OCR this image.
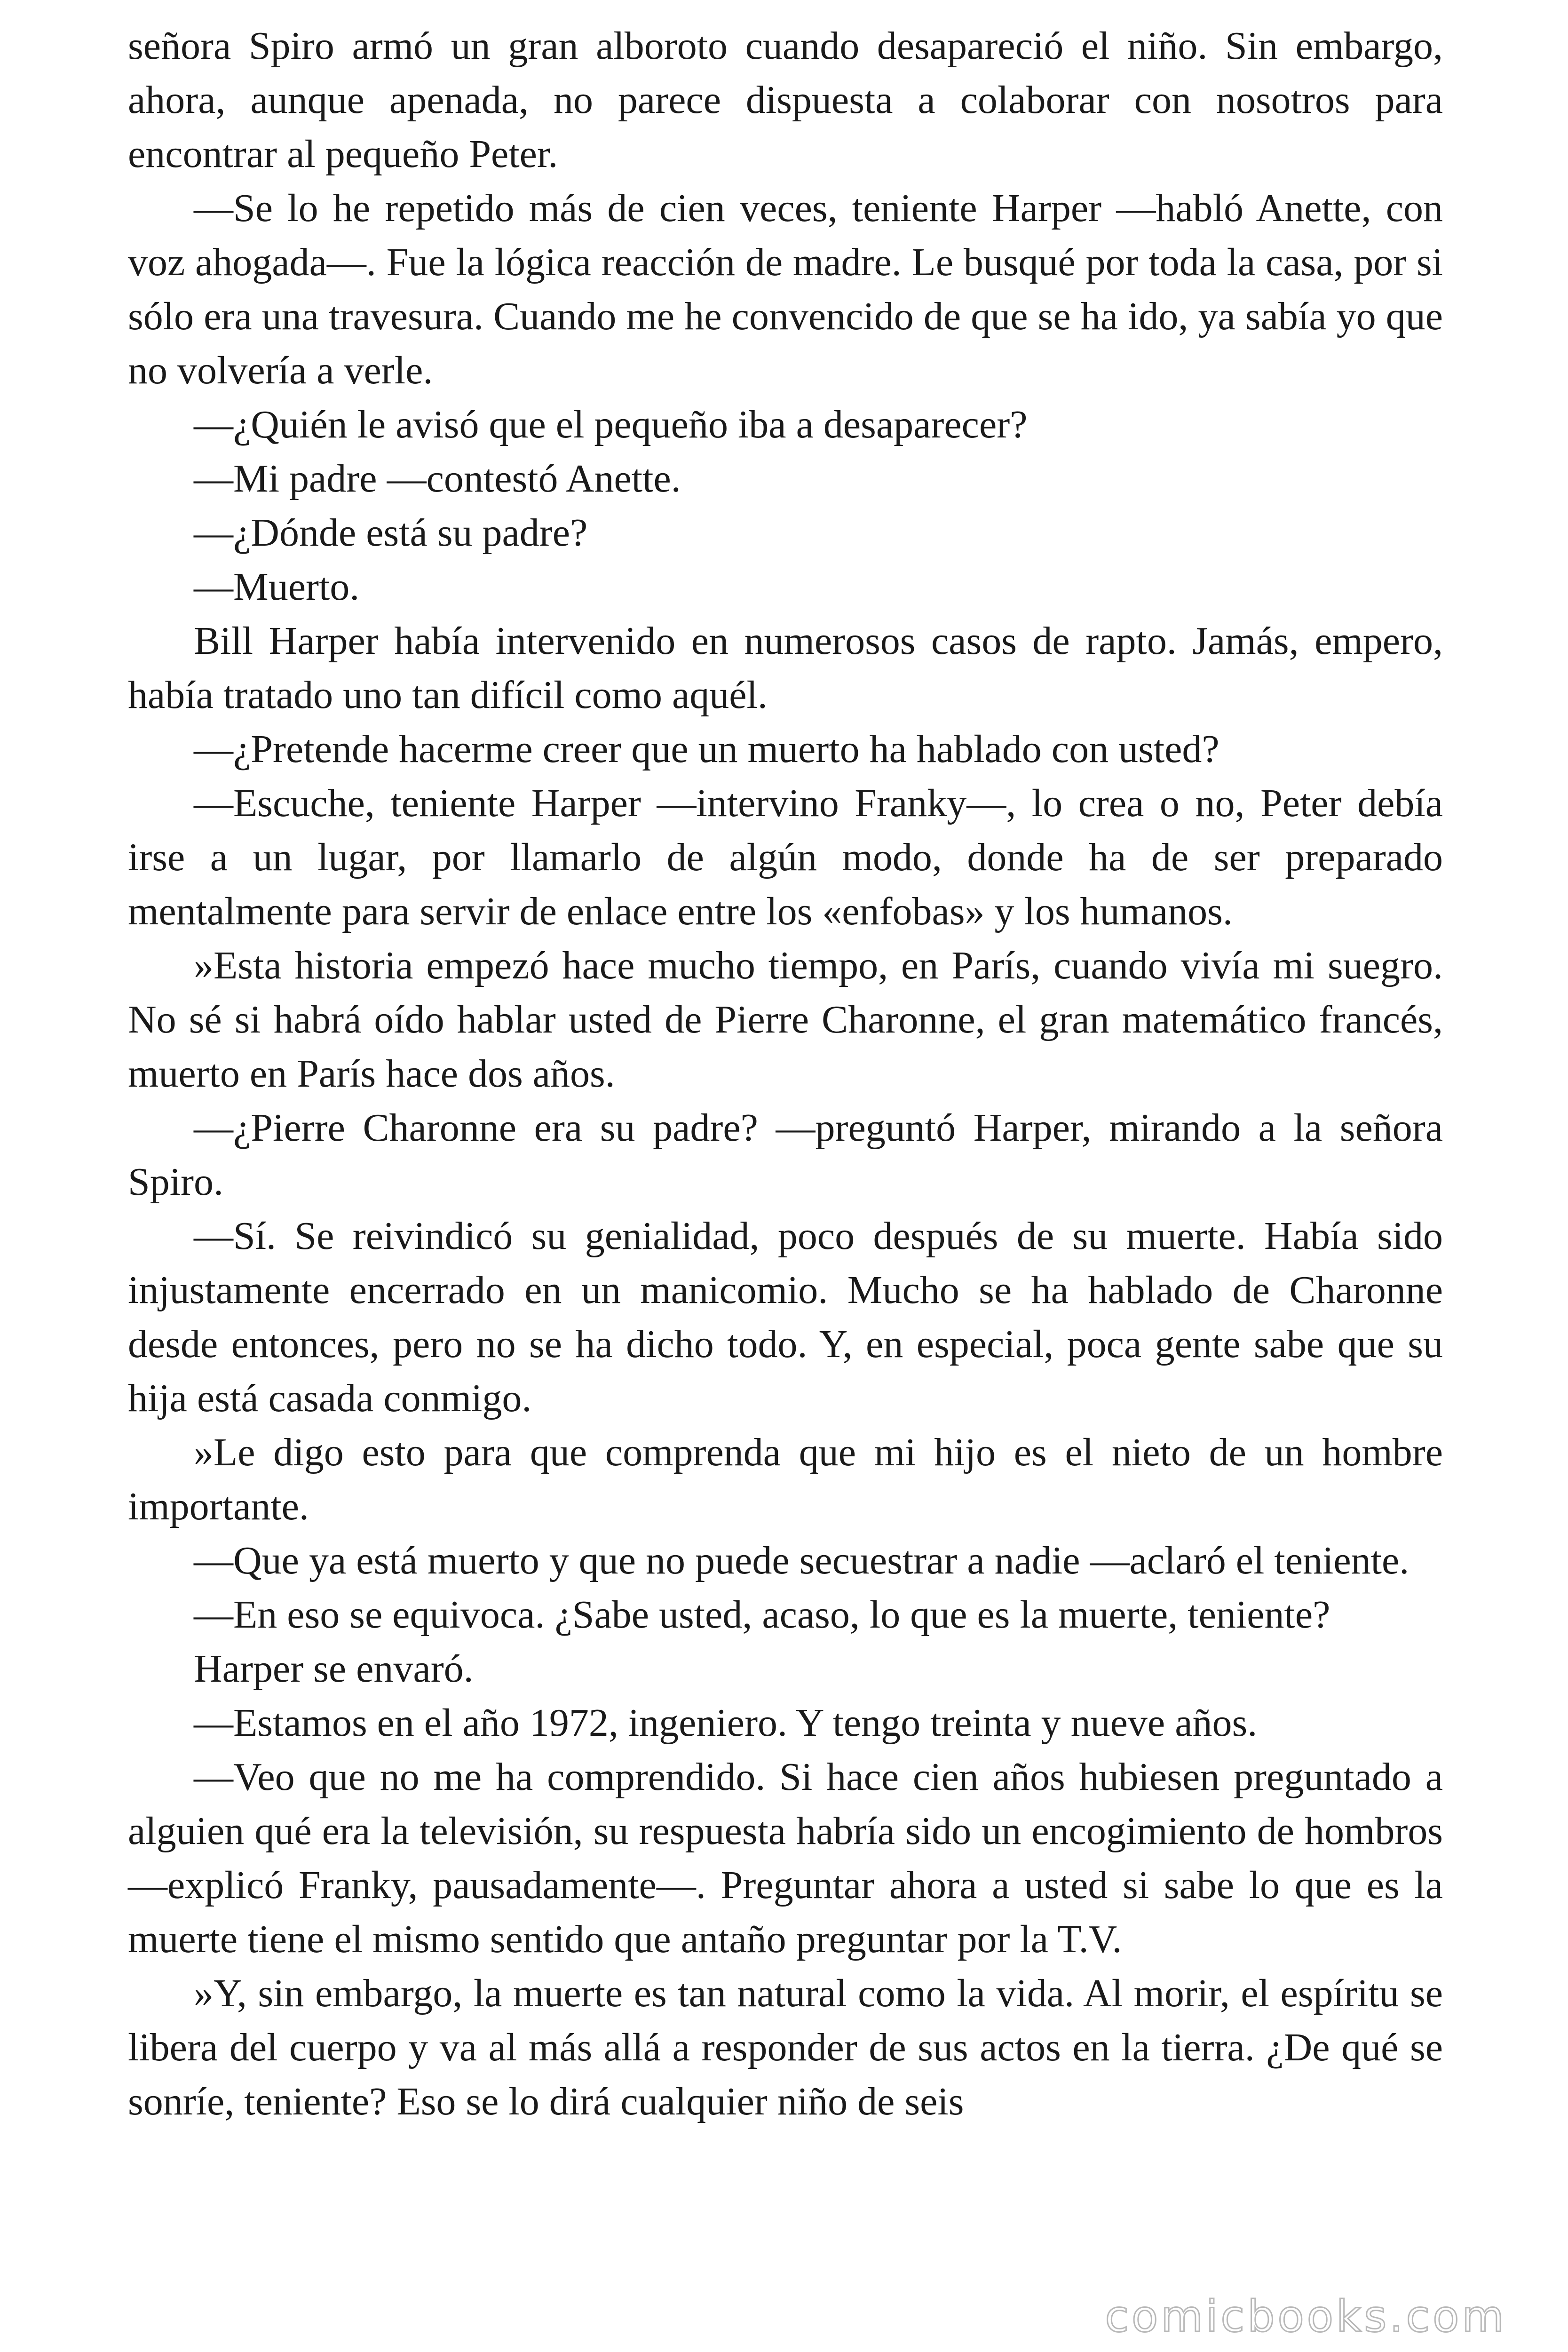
señora Spiro armó un gran alboroto cuando desapareció el niño. Sin embargo, ahora, aunque apenada, no parece dispuesta a colaborar con nosotros para encontrar al pequeño Peter.

—Se lo he repetido más de cien veces, teniente Harper —habló Anette, con voz ahogada—. Fue la lógica reacción de madre. Le busqué por toda la casa, por si sólo era una travesura. Cuando me he convencido de que se ha ido, ya sabía yo que no volvería a verle.

—¿Quién le avisó que el pequeño iba a desaparecer?

—Mi padre —contestó Anette.

—¿Dónde está su padre?

—Muerto.

Bill Harper había intervenido en numerosos casos de rapto. Jamás, empero, había tratado uno tan difícil como aquél.

—¿Pretende hacerme creer que un muerto ha hablado con usted?

—Escuche, teniente Harper —intervino Franky—, lo crea o no, Peter debía irse a un lugar, por llamarlo de algún modo, donde ha de ser preparado mentalmente para servir de enlace entre los «enfobas» y los humanos.

»Esta historia empezó hace mucho tiempo, en París, cuando vivía mi suegro. No sé si habrá oído hablar usted de Pierre Charonne, el gran matemático francés, muerto en París hace dos años.

—¿Pierre Charonne era su padre? —preguntó Harper, mirando a la señora Spiro.

—Sí. Se reivindicó su genialidad, poco después de su muerte. Había sido injustamente encerrado en un manicomio. Mucho se ha hablado de Charonne desde entonces, pero no se ha dicho todo. Y, en especial, poca gente sabe que su hija está casada conmigo.

»Le digo esto para que comprenda que mi hijo es el nieto de un hombre importante.

—Que ya está muerto y que no puede secuestrar a nadie —aclaró el teniente.

—En eso se equivoca. ¿Sabe usted, acaso, lo que es la muerte, teniente?

Harper se envaró.

—Estamos en el año 1972, ingeniero. Y tengo treinta y nueve años.

—Veo que no me ha comprendido. Si hace cien años hubiesen preguntado a alguien qué era la televisión, su respuesta habría sido un encogimiento de hombros —explicó Franky, pausadamente—. Preguntar ahora a usted si sabe lo que es la muerte tiene el mismo sentido que antaño preguntar por la T.V.

»Y, sin embargo, la muerte es tan natural como la vida. Al morir, el espíritu se libera del cuerpo y va al más allá a responder de sus actos en la tierra. ¿De qué se sonríe, teniente? Eso se lo dirá cualquier niño de seis

comicbooks.com
